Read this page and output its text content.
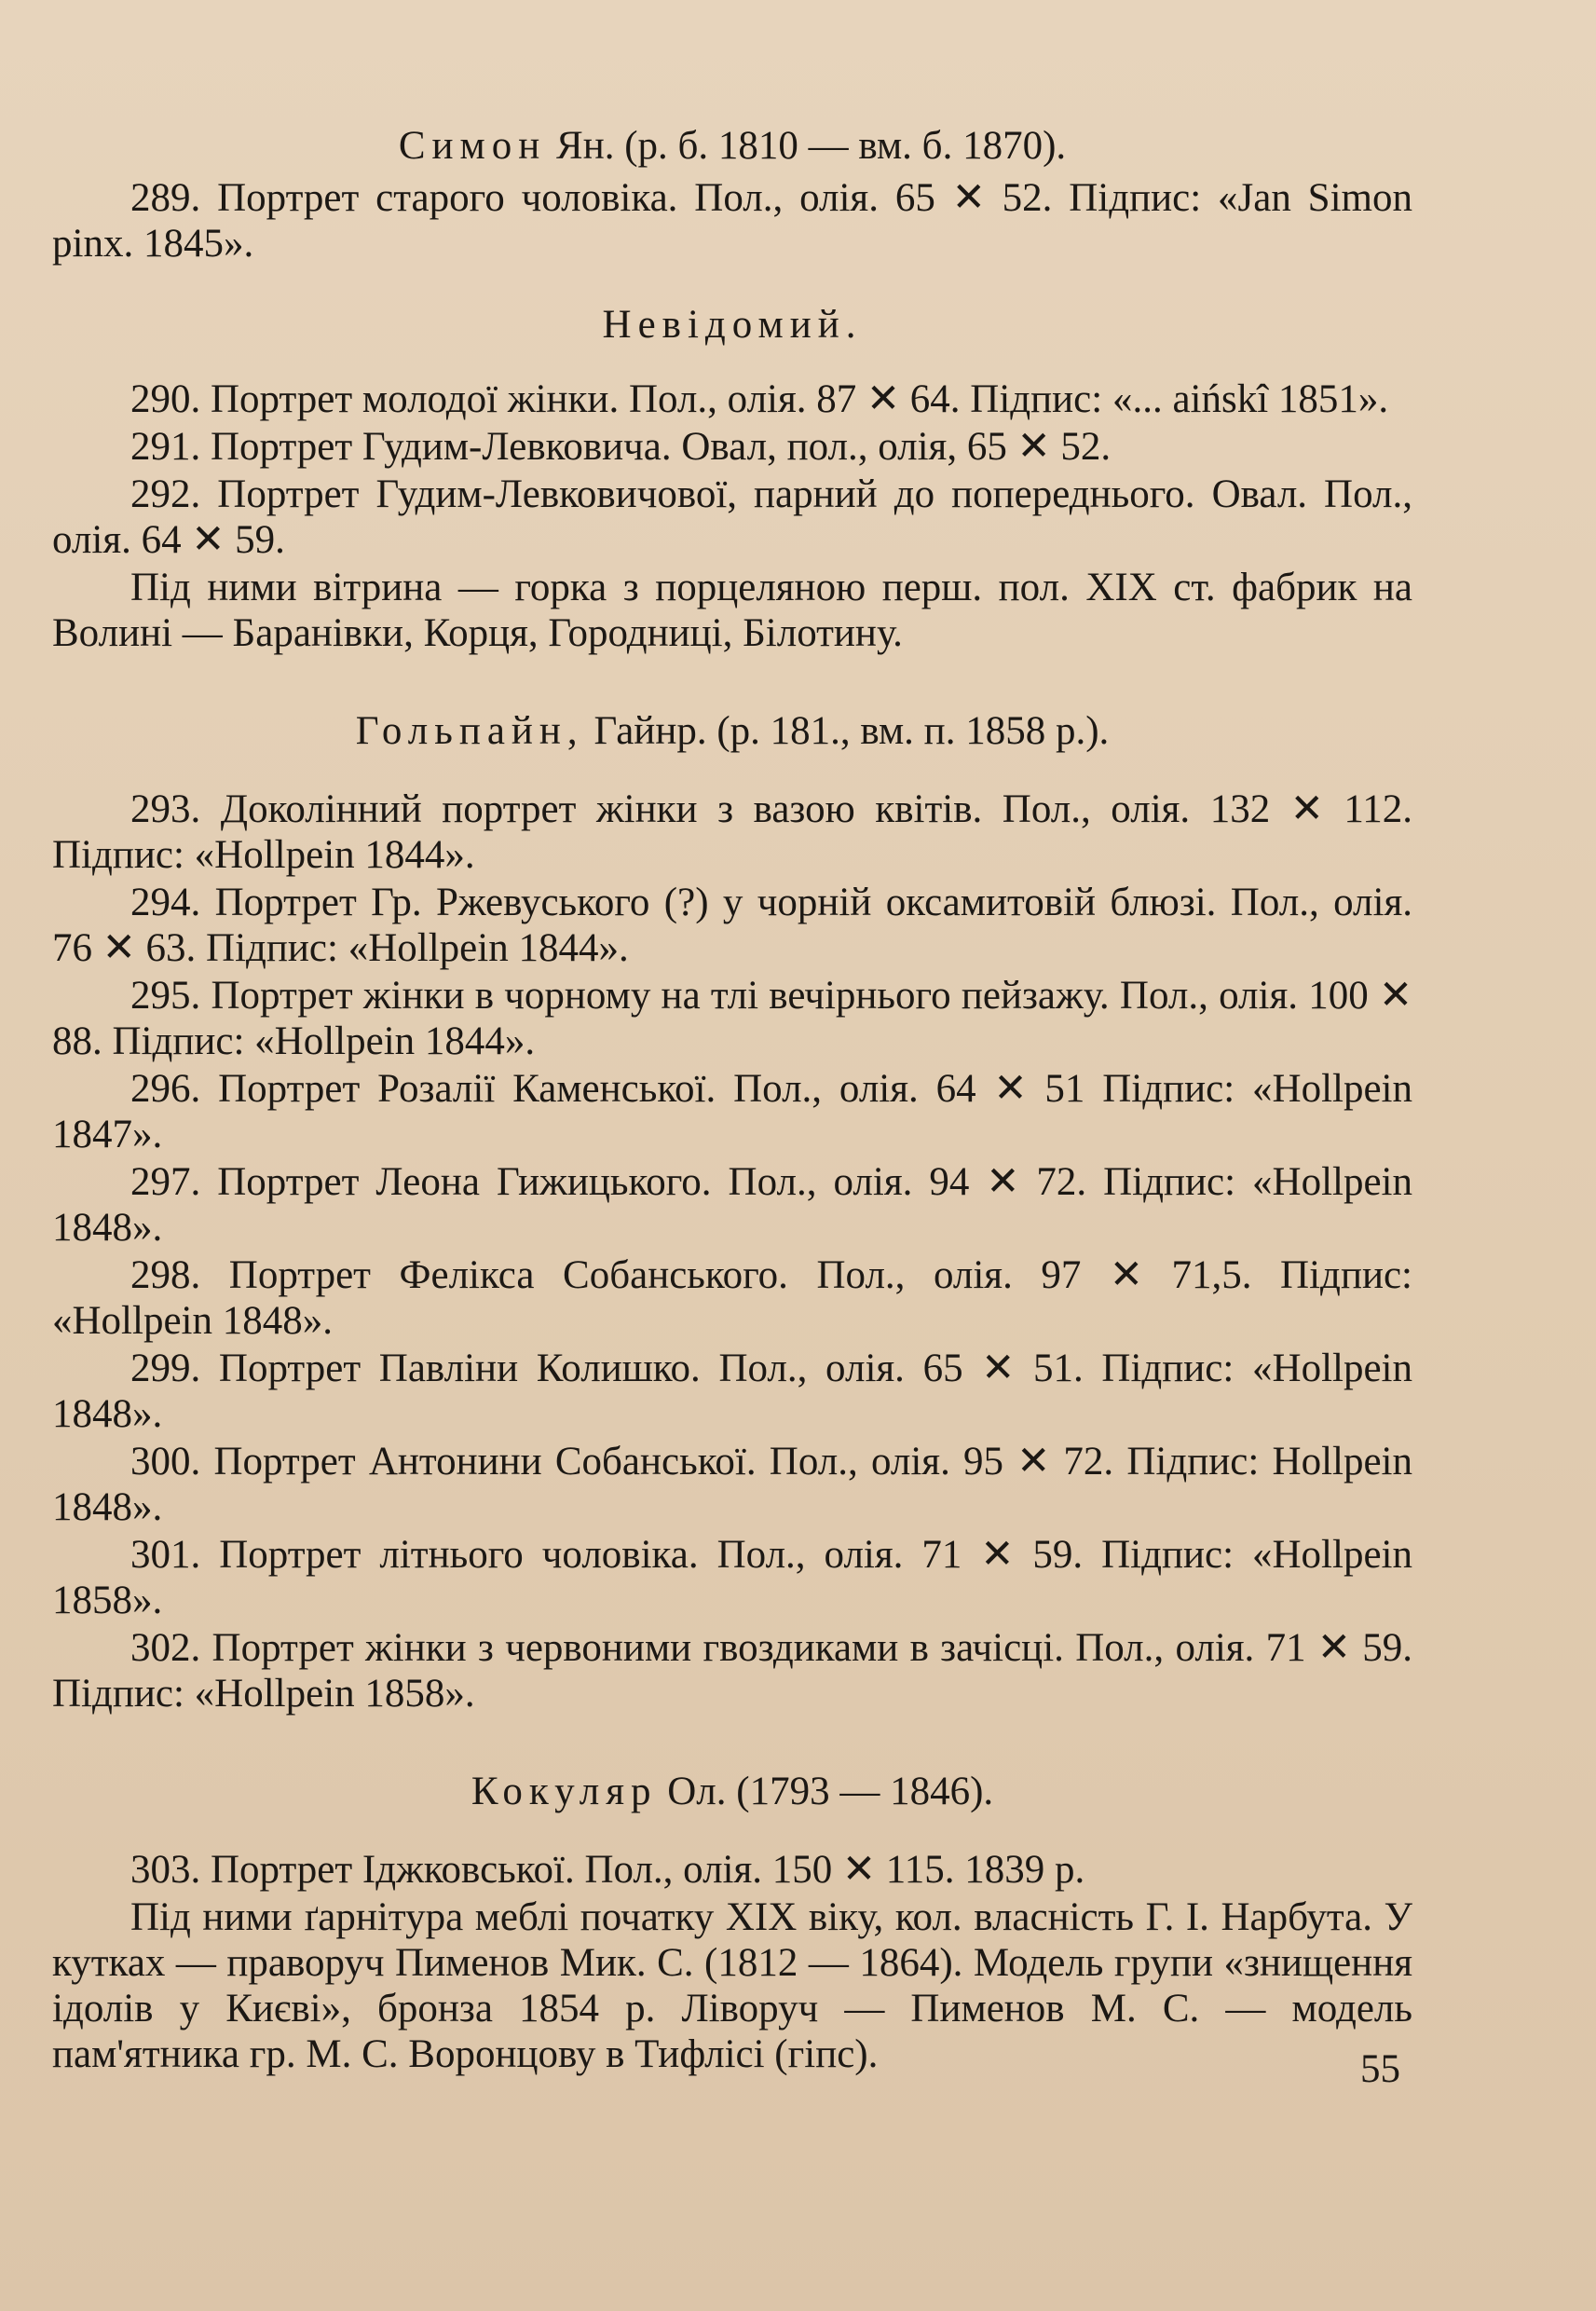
Симон Ян. (р. б. 1810 — вм. б. 1870).

289. Портрет старого чоловіка. Пол., олія. 65 ✕ 52. Підпис: «Jan Simon pinx. 1845».

Невідомий.

290. Портрет молодої жінки. Пол., олія. 87 ✕ 64. Підпис: «... aińskî 1851».

291. Портрет Гудим-Левковича. Овал, пол., олія, 65 ✕ 52.

292. Портрет Гудим-Левковичової, парний до попереднього. Овал. Пол., олія. 64 ✕ 59.

Під ними вітрина — горка з порцеляною перш. пол. XIX ст. фабрик на Волині — Баранівки, Корця, Городниці, Білотину.

Гольпайн, Гайнр. (р. 181., вм. п. 1858 р.).

293. Доколінний портрет жінки з вазою квітів. Пол., олія. 132 ✕ 112. Підпис: «Hollpein 1844».

294. Портрет Гр. Ржевуського (?) у чорній оксамитовій блюзі. Пол., олія. 76 ✕ 63. Підпис: «Hollpein 1844».

295. Портрет жінки в чорному на тлі вечірнього пейзажу. Пол., олія. 100 ✕ 88. Підпис: «Hollpein 1844».

296. Портрет Розалії Каменської. Пол., олія. 64 ✕ 51 Підпис: «Hollpein 1847».

297. Портрет Леона Гижицького. Пол., олія. 94 ✕ 72. Підпис: «Hollpein 1848».

298. Портрет Фелікса Собанського. Пол., олія. 97 ✕ 71,5. Підпис: «Hollpein 1848».

299. Портрет Павліни Колишко. Пол., олія. 65 ✕ 51. Підпис: «Hollpein 1848».

300. Портрет Антонини Собанської. Пол., олія. 95 ✕ 72. Підпис: Hollpein 1848».

301. Портрет літнього чоловіка. Пол., олія. 71 ✕ 59. Підпис: «Hollpein 1858».

302. Портрет жінки з червоними гвоздиками в зачісці. Пол., олія. 71 ✕ 59. Підпис: «Hollpein 1858».

Кокуляр Ол. (1793 — 1846).

303. Портрет Іджковської. Пол., олія. 150 ✕ 115. 1839 р.

Під ними ґарнітура меблі початку XIX віку, кол. власність Г. І. Нарбута. У кутках — праворуч Пименов Мик. С. (1812 — 1864). Модель групи «знищення ідолів у Києві», бронза 1854 р. Ліворуч — Пименов М. С. — модель пам'ятника гр. М. С. Воронцову в Тифлісі (гіпс).	55
